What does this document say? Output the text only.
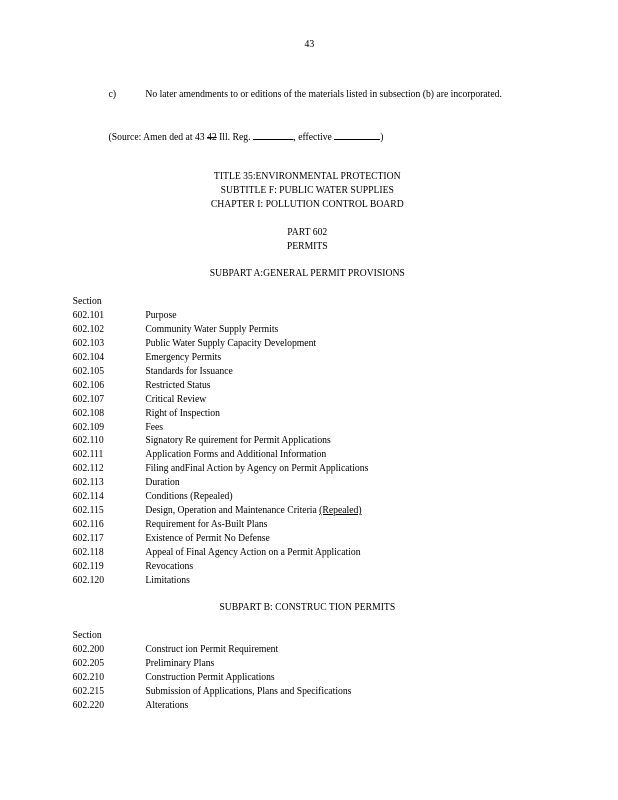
43
c)	No later amendments to or editions of the materials listed in subsection (b) are incorporated.
(Source: Amen ded at 43 42 Ill. Reg.	, effective	)
TITLE 35:ENVIRONMENTAL PROTECTION
SUBTITLE F: PUBLIC WATER SUPPLIES
CHAPTER I: POLLUTION CONTROL BOARD
PART 602
PERMITS
SUBPART A:GENERAL PERMIT PROVISIONS
Section
602.101	Purpose
602.102	Community Water Supply Permits
602.103	Public Water Supply Capacity Development
602.104	Emergency Permits
602.105	Standards for Issuance
602.106	Restricted Status
602.107	Critical Review
602.108	Right of Inspection
602.109	Fees
602.110	Signatory Re quirement for Permit Applications
602.111	Application Forms and Additional Information
602.112	Filing andFinal Action by Agency on Permit Applications
602.113	Duration
602.114	Conditions (Repealed)
602.115	Design, Operation and Maintenance Criteria (Repealed)
602.116	Requirement for As-Built Plans
602.117	Existence of Permit No Defense
602.118	Appeal of Final Agency Action on a Permit Application
602.119	Revocations
602.120	Limitations
SUBPART B: CONSTRUC TION PERMITS
Section
602.200	Construct ion Permit Requirement
602.205	Preliminary Plans
602.210	Construction Permit Applications
602.215	Submission of Applications, Plans and Specifications
602.220	Alterations
